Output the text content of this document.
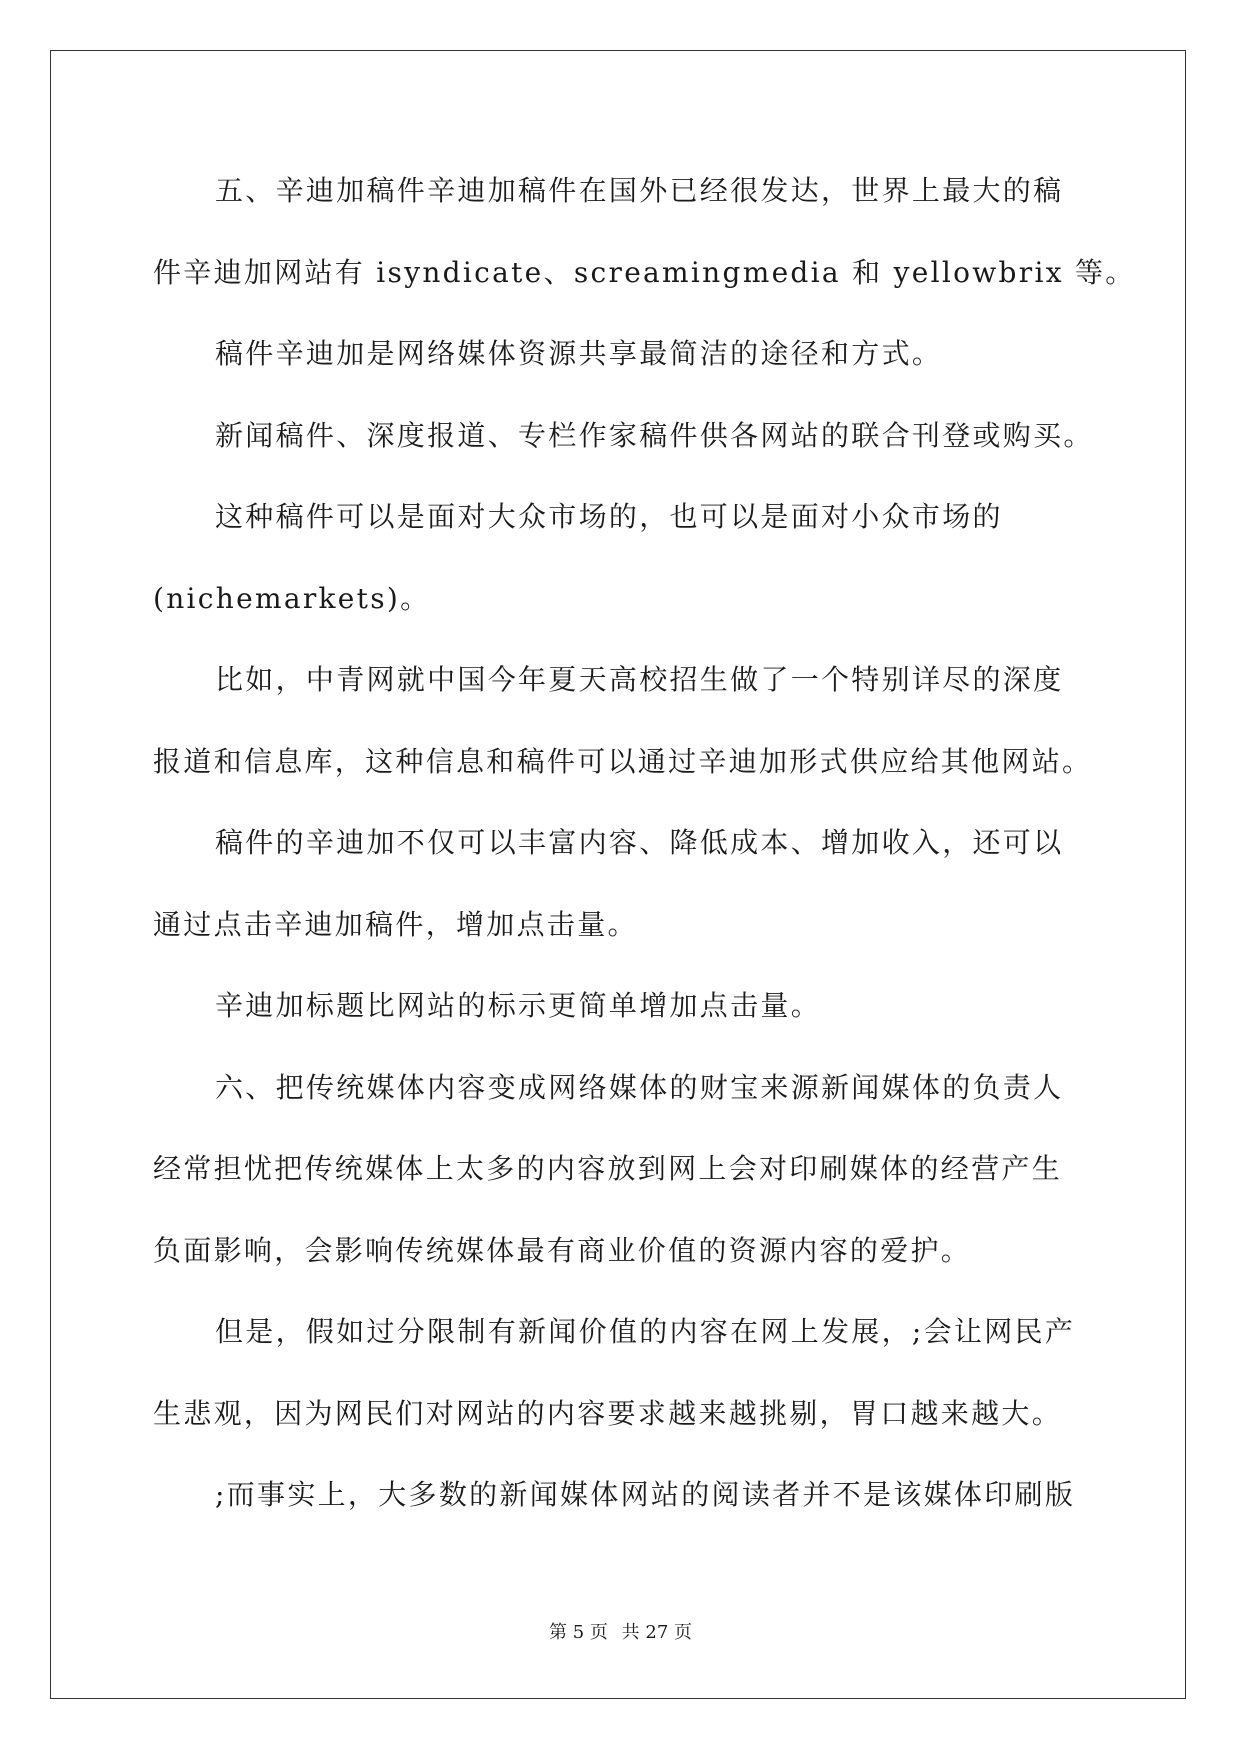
五、辛迪加稿件辛迪加稿件在国外已经很发达，世界上最大的稿
件辛迪加网站有 isyndicate、screamingmedia 和 yellowbrix 等。
稿件辛迪加是网络媒体资源共享最简洁的途径和方式。
新闻稿件、深度报道、专栏作家稿件供各网站的联合刊登或购买。
这种稿件可以是面对大众市场的，也可以是面对小众市场的
(nichemarkets)。
比如，中青网就中国今年夏天高校招生做了一个特别详尽的深度
报道和信息库，这种信息和稿件可以通过辛迪加形式供应给其他网站。
稿件的辛迪加不仅可以丰富内容、降低成本、增加收入，还可以
通过点击辛迪加稿件，增加点击量。
辛迪加标题比网站的标示更简单增加点击量。
六、把传统媒体内容变成网络媒体的财宝来源新闻媒体的负责人
经常担忧把传统媒体上太多的内容放到网上会对印刷媒体的经营产生
负面影响，会影响传统媒体最有商业价值的资源内容的爱护。
但是，假如过分限制有新闻价值的内容在网上发展，;会让网民产
生悲观，因为网民们对网站的内容要求越来越挑剔，胃口越来越大。
;而事实上，大多数的新闻媒体网站的阅读者并不是该媒体印刷版
第 5 页 共 27 页
